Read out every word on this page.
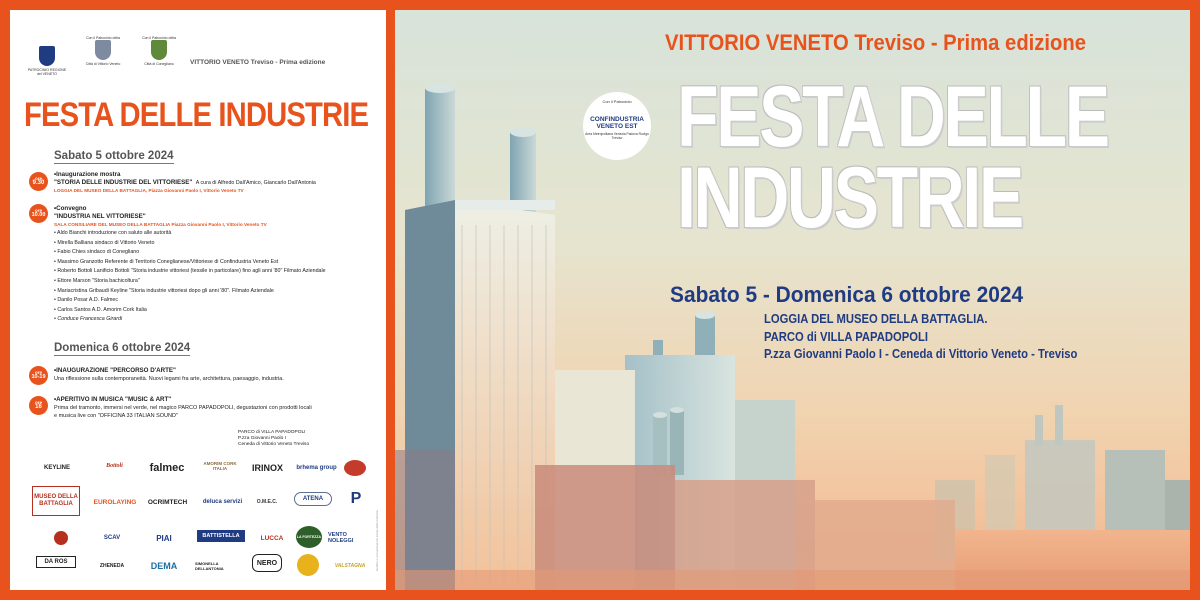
PATROCINIO REGIONE del VENETO
Con il Patrocinio della
Città di Vittorio Veneto
Con il Patrocinio della
Città di Conegliano	VITTORIO VENETO Treviso - Prima edizione
FESTA DELLE INDUSTRIE
Sabato 5 ottobre 2024
ore
9.30
•Inaugurazione mostra
"STORIA DELLE INDUSTRIE DEL VITTORIESE" A cura di Alfredo Dall'Amico, Giancarlo Dall'Antonia
LOGGIA DEL MUSEO DELLA BATTAGLIA, Piazza Giovanni Paolo I, Vittorio Veneto TV
ore
10.00
•Convegno
"INDUSTRIA NEL VITTORIESE"
SALA CONSILIARE DEL MUSEO DELLA BATTAGLIA Piazza Giovanni Paolo I, Vittorio Veneto TV
• Aldo Bianchi introduzione con saluto alle autorità
• Mirella Balliana sindaco di Vittorio Veneto
• Fabio Chies sindaco di Conegliano
• Massimo Granzotto Referente di Territorio Coneglianese/Vittoriese di Confindustria Veneto Est
• Roberto Bottoli Lanificio Bottoli "Storia industrie vittoriesi (tessile in particolare) fino agli anni '80" Filmato Aziendale
• Ettore Marson "Storia bachicoltura"
• Mariacristina Gribaudi Keyline "Storia industrie vittoriesi dopo gli anni '80". Filmato Aziendale
• Danilo Posar A.D. Falmec
• Carlos Santos A.D. Amorim Cork Italia
• Conduce Francesca Girardi
Domenica 6 ottobre 2024
ore
10-19
•INAUGURAZIONE "PERCORSO D'ARTE"
Una riflessione sulla contemporaneità. Nuovi legami fra arte, architettura, paesaggio, industria.
ore
16
•APERITIVO IN MUSICA "MUSIC & ART"
Prima del tramonto, immersi nel verde, nel magico PARCO PAPADOPOLI, degustazioni con prodotti locali
e musica live con "OFFICINA 33 ITALIAN SOUND"
PARCO di VILLA PAPADOPOLI
P.zza Giovanni Paolo I
Ceneda di Vittorio Veneto Treviso
KEYLINE	Bottoli	falmec	AMORIM CORK ITALIA	IRINOX	brhema group
MUSEO DELLA BATTAGLIA	EUROLAYING	OCRIMTECH	deluca servizi	O.M.E.C.	ATENA	P
SCAV	PIAI	BATTISTELLA	LUCCA	LA FORTEZZA VENTO NOLEGGI
DA ROS
ZHENEDA	DEMA	SIMONELLA DELLANTONIA
NERO	VALSTAGNA	Grafica e comunicazione Festa delle Industrie
VITTORIO VENETO Treviso - Prima edizione
Con il Patrocinio
CONFINDUSTRIA VENETO EST
Area Metropolitana Venezia Padova Rovigo Treviso FESTA DELLE
INDUSTRIE
Sabato 5 - Domenica 6 ottobre 2024
LOGGIA DEL MUSEO DELLA BATTAGLIA.
PARCO di VILLA PAPADOPOLI
P.zza Giovanni Paolo I - Ceneda di Vittorio Veneto - Treviso
